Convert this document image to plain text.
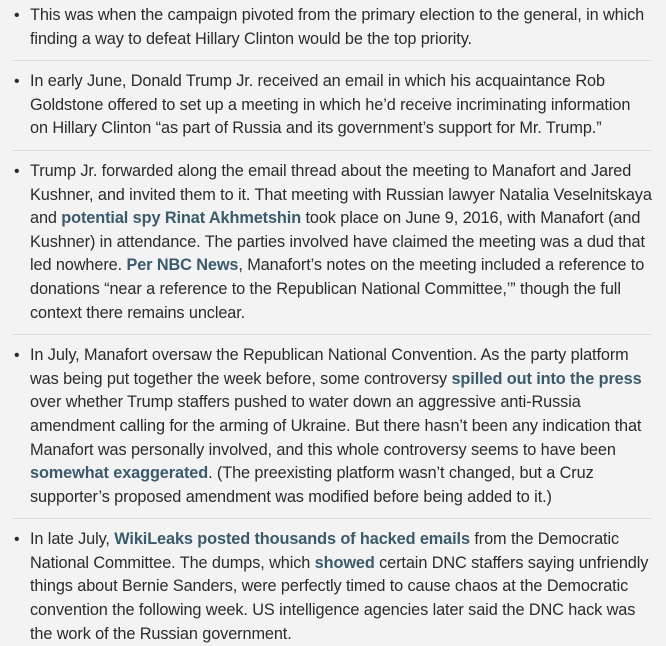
• This was when the campaign pivoted from the primary election to the general, in which finding a way to defeat Hillary Clinton would be the top priority.
• In early June, Donald Trump Jr. received an email in which his acquaintance Rob Goldstone offered to set up a meeting in which he’d receive incriminating information on Hillary Clinton “as part of Russia and its government’s support for Mr. Trump.”
• Trump Jr. forwarded along the email thread about the meeting to Manafort and Jared Kushner, and invited them to it. That meeting with Russian lawyer Natalia Veselnitskaya and potential spy Rinat Akhmetshin took place on June 9, 2016, with Manafort (and Kushner) in attendance. The parties involved have claimed the meeting was a dud that led nowhere. Per NBC News, Manafort’s notes on the meeting included a reference to donations “near a reference to the Republican National Committee,’” though the full context there remains unclear.
• In July, Manafort oversaw the Republican National Convention. As the party platform was being put together the week before, some controversy spilled out into the press over whether Trump staffers pushed to water down an aggressive anti-Russia amendment calling for the arming of Ukraine. But there hasn’t been any indication that Manafort was personally involved, and this whole controversy seems to have been somewhat exaggerated. (The preexisting platform wasn’t changed, but a Cruz supporter’s proposed amendment was modified before being added to it.)
• In late July, WikiLeaks posted thousands of hacked emails from the Democratic National Committee. The dumps, which showed certain DNC staffers saying unfriendly things about Bernie Sanders, were perfectly timed to cause chaos at the Democratic convention the following week. US intelligence agencies later said the DNC hack was the work of the Russian government.
